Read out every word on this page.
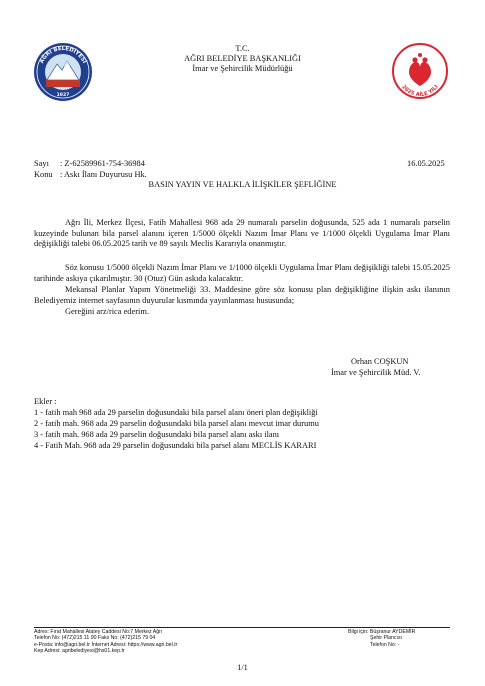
AĞRI BELEDİYESİ
1927
T.C.
AĞRI BELEDİYE BAŞKANLIĞI
İmar ve Şehircilik Müdürlüğü
2025 AİLE YILI
Sayı : Z-62589961-754-36984	16.05.2025
Konu : Askı İlanı Duyurusu Hk.
BASIN YAYIN VE HALKLA İLİŞKİLER ŞEFLİĞİNE
Ağrı İli, Merkez İlçesi, Fatih Mahallesi 968 ada 29 numaralı parselin doğusunda, 525 ada 1 numaralı parselin kuzeyinde bulunan bila parsel alanını içeren 1/5000 ölçekli Nazım İmar Planı ve 1/1000 ölçekli Uygulama İmar Planı değişikliği talebi 06.05.2025 tarih ve 89 sayılı Meclis Kararıyla onanmıştır.
Söz konusu 1/5000 ölçekli Nazım İmar Planı ve 1/1000 ölçekli Uygulama İmar Planı değişikliği talebi 15.05.2025 tarihinde askıya çıkarılmıştır. 30 (Otuz) Gün askıda kalacaktır.
Mekansal Planlar Yapım Yönetmeliği 33. Maddesine göre söz konusu plan değişikliğine ilişkin askı ilanının Belediyemiz internet sayfasının duyurular kısmında yayınlanması hususunda;
Gereğini arz/rica ederim.
Orhan COŞKUN
İmar ve Şehircilik Müd. V.
Ekler :
1 - fatih mah 968 ada 29 parselin doğusundaki bila parsel alanı öneri plan değişikliği
2 - fatih mah. 968 ada 29 parselin doğusundaki bila parsel alanı mevcut imar durumu
3 - fatih mah. 968 ada 29 parselin doğusundaki bila parsel alanı askı ilanı
4 - Fatih Mah. 968 ada 29 parselin doğusundaki bila parsel alanı MECLİS KARARI
Adres: Fırat Mahallesi Atatey Caddesi No:7 Merkez Ağrı
Telefon No: (472)215 11 90 Faks No: (472)215 79 04
e-Posta: info@agri.bel.tr İnternet Adresi: https://www.agri.bel.tr
Kep Adresi: agribelediyesi@hs01.kep.tr
Bilgi için: Büşranur AYDEMİR
Şehir Plancısı
Telefon No: -
1/1
